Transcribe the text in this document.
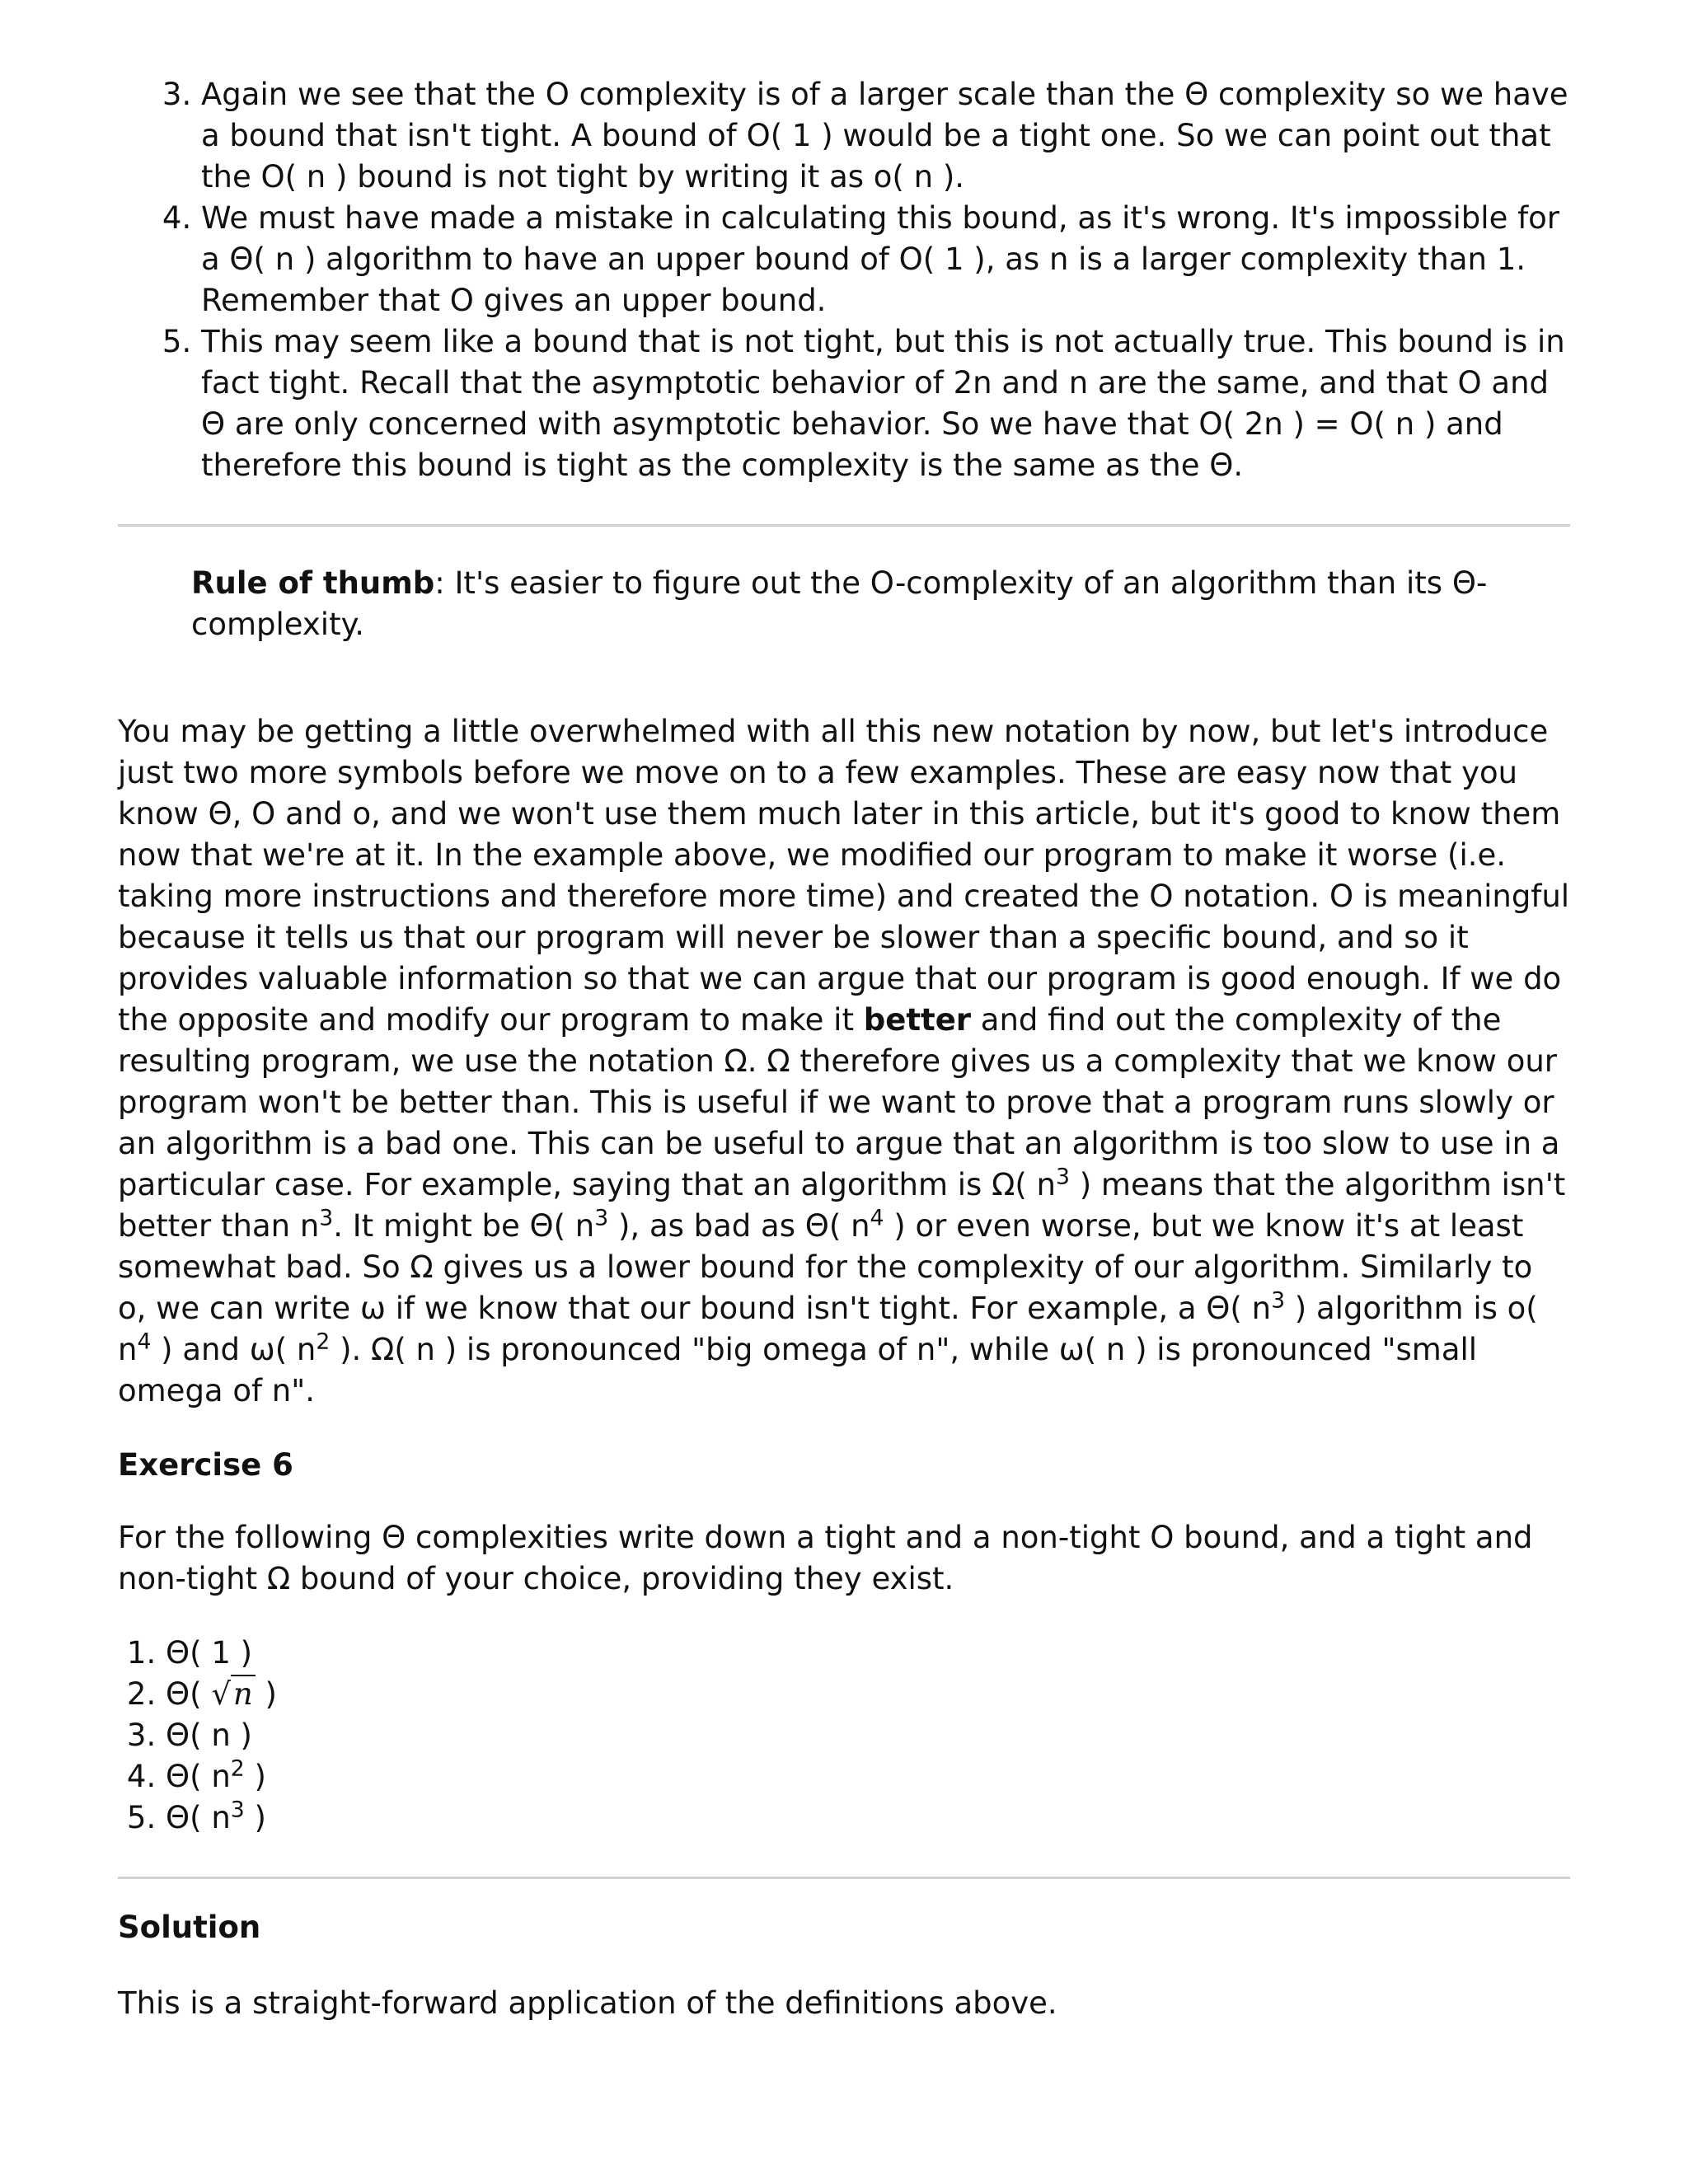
3. Again we see that the O complexity is of a larger scale than the Θ complexity so we have a bound that isn't tight. A bound of O( 1 ) would be a tight one. So we can point out that the O( n ) bound is not tight by writing it as o( n ).
4. We must have made a mistake in calculating this bound, as it's wrong. It's impossible for a Θ( n ) algorithm to have an upper bound of O( 1 ), as n is a larger complexity than 1. Remember that O gives an upper bound.
5. This may seem like a bound that is not tight, but this is not actually true. This bound is in fact tight. Recall that the asymptotic behavior of 2n and n are the same, and that O and Θ are only concerned with asymptotic behavior. So we have that O( 2n ) = O( n ) and therefore this bound is tight as the complexity is the same as the Θ.
Rule of thumb: It's easier to figure out the O-complexity of an algorithm than its Θ-complexity.

You may be getting a little overwhelmed with all this new notation by now, but let's introduce just two more symbols before we move on to a few examples. These are easy now that you know Θ, O and o, and we won't use them much later in this article, but it's good to know them now that we're at it. In the example above, we modified our program to make it worse (i.e. taking more instructions and therefore more time) and created the O notation. O is meaningful because it tells us that our program will never be slower than a specific bound, and so it provides valuable information so that we can argue that our program is good enough. If we do the opposite and modify our program to make it better and find out the complexity of the resulting program, we use the notation Ω. Ω therefore gives us a complexity that we know our program won't be better than. This is useful if we want to prove that a program runs slowly or an algorithm is a bad one. This can be useful to argue that an algorithm is too slow to use in a particular case. For example, saying that an algorithm is Ω( $n^3$ ) means that the algorithm isn't better than $n^3$. It might be Θ( $n^3$ ), as bad as Θ( $n^4$ ) or even worse, but we know it's at least somewhat bad. So Ω gives us a lower bound for the complexity of our algorithm. Similarly to o, we can write ω if we know that our bound isn't tight. For example, a Θ( $n^3$ ) algorithm is o( $n^4$ ) and ω( $n^2$ ). Ω( n ) is pronounced "big omega of n", while ω( n ) is pronounced "small omega of n".

Exercise 6

For the following Θ complexities write down a tight and a non-tight O bound, and a tight and non-tight Ω bound of your choice, providing they exist.

1. Θ( 1 )
2. Θ( √n )
3. Θ( n )
4. Θ( $n^2$ )
5. Θ( $n^3$ )
Solution

This is a straight-forward application of the definitions above.
